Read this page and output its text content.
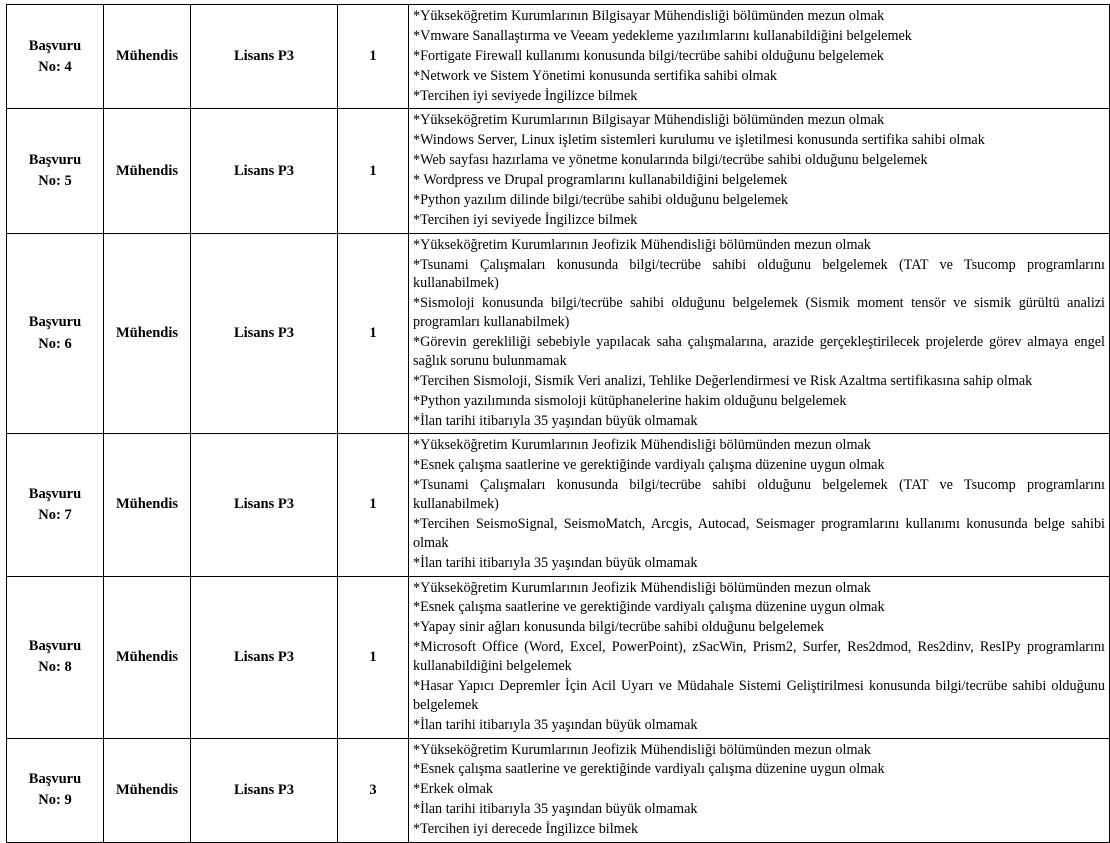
Başvuru
No: 4
	Mühendis	Lisans P3	1	
*Yükseköğretim Kurumlarının Bilgisayar Mühendisliği bölümünden mezun olmak
*Vmware Sanallaştırma ve Veeam yedekleme yazılımlarını kullanabildiğini belgelemek
*Fortigate Firewall kullanımı konusunda bilgi/tecrübe sahibi olduğunu belgelemek
*Network ve Sistem Yönetimi konusunda sertifika sahibi olmak
*Tercihen iyi seviyede İngilizce bilmek

Başvuru
No: 5
	Mühendis	Lisans P3	1	
*Yükseköğretim Kurumlarının Bilgisayar Mühendisliği bölümünden mezun olmak
*Windows Server, Linux işletim sistemleri kurulumu ve işletilmesi konusunda sertifika sahibi olmak
*Web sayfası hazırlama ve yönetme konularında bilgi/tecrübe sahibi olduğunu belgelemek
* Wordpress ve Drupal programlarını kullanabildiğini belgelemek
*Python yazılım dilinde bilgi/tecrübe sahibi olduğunu belgelemek
*Tercihen iyi seviyede İngilizce bilmek

Başvuru
No: 6
	Mühendis	Lisans P3	1	
*Yükseköğretim Kurumlarının Jeofizik Mühendisliği bölümünden mezun olmak
*Tsunami Çalışmaları konusunda bilgi/tecrübe sahibi olduğunu belgelemek (TAT ve Tsucomp programlarını kullanabilmek)
*Sismoloji konusunda bilgi/tecrübe sahibi olduğunu belgelemek (Sismik moment tensör ve sismik gürültü analizi programları kullanabilmek)
*Görevin gerekliliği sebebiyle yapılacak saha çalışmalarına, arazide gerçekleştirilecek projelerde görev almaya engel sağlık sorunu bulunmamak
*Tercihen Sismoloji, Sismik Veri analizi, Tehlike Değerlendirmesi ve Risk Azaltma sertifikasına sahip olmak
*Python yazılımında sismoloji kütüphanelerine hakim olduğunu belgelemek
*İlan tarihi itibarıyla 35 yaşından büyük olmamak

Başvuru
No: 7
	Mühendis	Lisans P3	1	
*Yükseköğretim Kurumlarının Jeofizik Mühendisliği bölümünden mezun olmak
*Esnek çalışma saatlerine ve gerektiğinde vardiyalı çalışma düzenine uygun olmak
*Tsunami Çalışmaları konusunda bilgi/tecrübe sahibi olduğunu belgelemek (TAT ve Tsucomp programlarını kullanabilmek)
*Tercihen SeismoSignal, SeismoMatch, Arcgis, Autocad, Seismager programlarını kullanımı konusunda belge sahibi olmak
*İlan tarihi itibarıyla 35 yaşından büyük olmamak

Başvuru
No: 8
	Mühendis	Lisans P3	1	
*Yükseköğretim Kurumlarının Jeofizik Mühendisliği bölümünden mezun olmak
*Esnek çalışma saatlerine ve gerektiğinde vardiyalı çalışma düzenine uygun olmak
*Yapay sinir ağları konusunda bilgi/tecrübe sahibi olduğunu belgelemek
*Microsoft Office (Word, Excel, PowerPoint), zSacWin, Prism2, Surfer, Res2dmod, Res2dinv, ResIPy programlarını kullanabildiğini belgelemek
*Hasar Yapıcı Depremler İçin Acil Uyarı ve Müdahale Sistemi Geliştirilmesi konusunda bilgi/tecrübe sahibi olduğunu belgelemek
*İlan tarihi itibarıyla 35 yaşından büyük olmamak

Başvuru
No: 9
	Mühendis	Lisans P3	3	
*Yükseköğretim Kurumlarının Jeofizik Mühendisliği bölümünden mezun olmak
*Esnek çalışma saatlerine ve gerektiğinde vardiyalı çalışma düzenine uygun olmak
*Erkek olmak
*İlan tarihi itibarıyla 35 yaşından büyük olmamak
*Tercihen iyi derecede İngilizce bilmek
